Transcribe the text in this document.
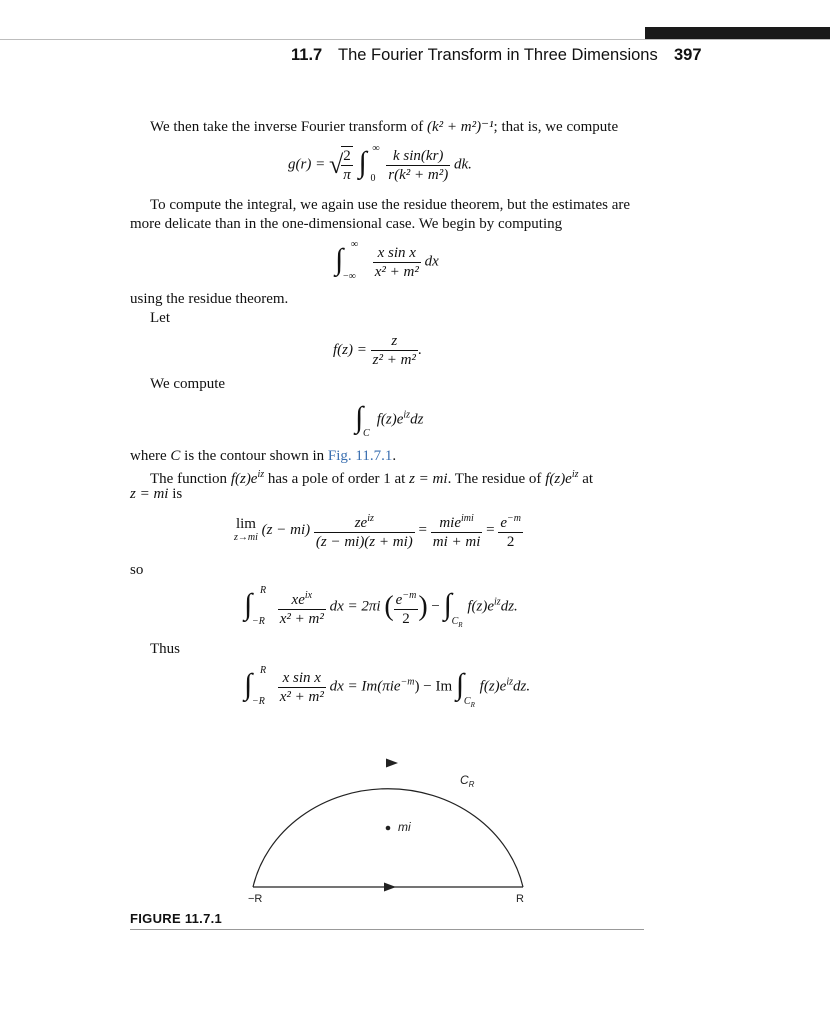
11.7 The Fourier Transform in Three Dimensions 397
We then take the inverse Fourier transform of (k² + m²)⁻¹; that is, we compute
g(r) = √
$\frac{2}{\pi}$
∫ ∞
0
$\frac{\text{k sin(kr)}}{\text{r(k² + m²)}}$ dk.
To compute the integral, we again use the residue theorem, but the estimates are
more delicate than in the one-dimensional case. We begin by computing
∫ ∞
−∞
$\frac{\text{x sin x}}{\text{x² + m²}}$ dx
using the residue theorem.
Let
$f(z) = \frac{z}{\text{z² + m²}}$ .
We compute
∫ C
$f(z)e^{iz}dz$
where C is the contour shown in Fig. 11.7.1.
The function $f(z)e^{iz}$ has a pole of order 1 at z = mi. The residue of $f(z)e^{iz}$ at
z = mi is
lim
z→mi $(z - mi) \frac{ze^{iz}}{(z - mi)(z + mi)} = \frac{mie^{imi}}{mi + mi} = \frac{e^{-m}}{2}$
so
∫ R
−R
$\frac{xe^{ix}}{\text{x² + m²}}$ dx = 2πi ( $\frac{e^{-m}}{2}$ ) − ∫
$C_R$
$f(z)e^{iz}dz$.
Thus
∫ R
−R
$\frac{\text{x sin x}}{\text{x² + m²}}$ dx = Im(πie$^{-m}$) − Im ∫
$C_R$
$f(z)e^{iz}dz$.
$C_R$
mi
−R	R
FIGURE 11.7.1
